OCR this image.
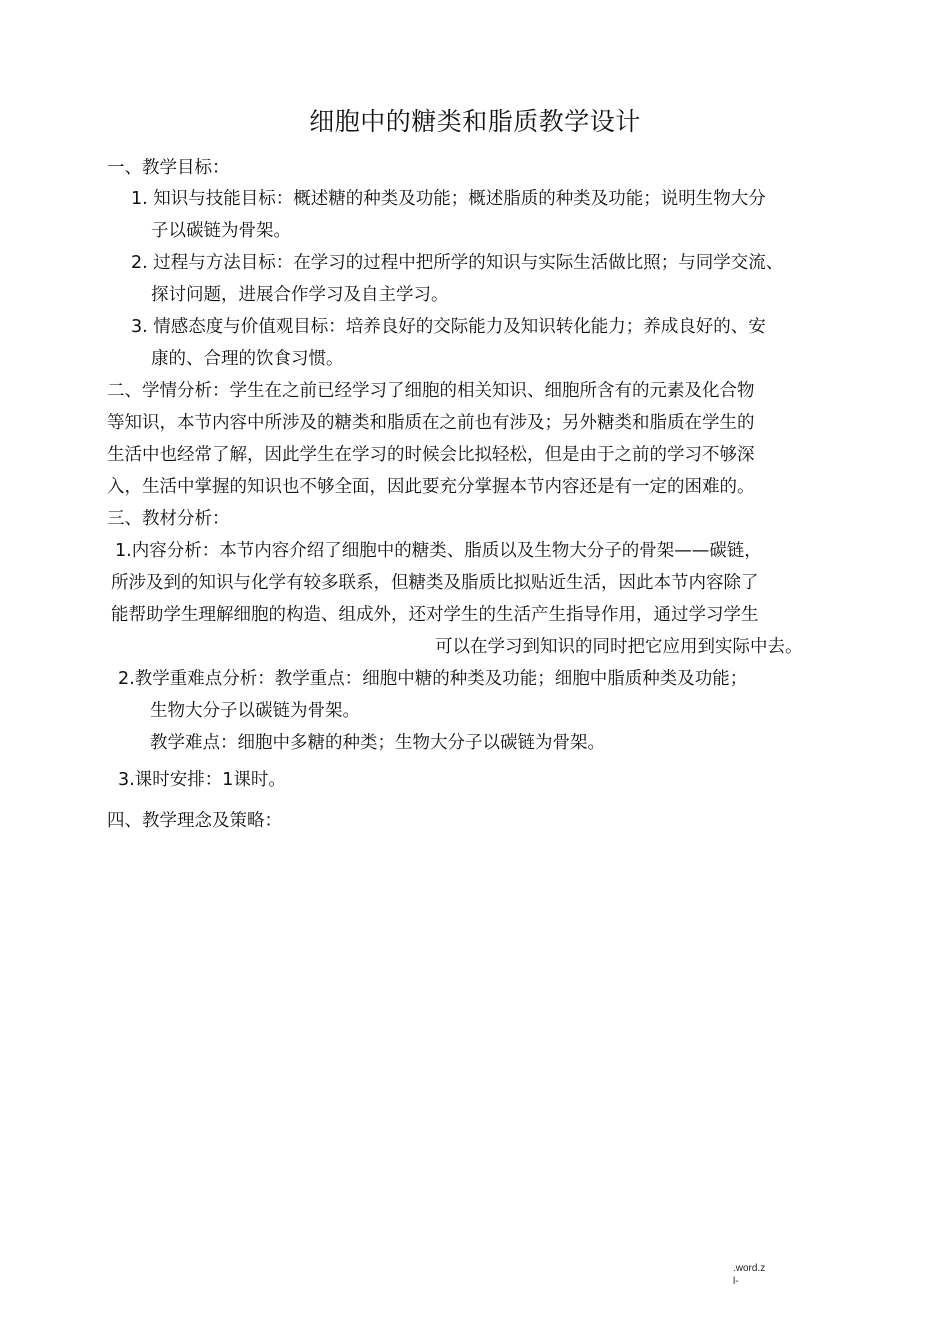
细胞中的糖类和脂质教学设计
一、教学目标：
1. 知识与技能目标：概述糖的种类及功能；概述脂质的种类及功能；说明生物大分
子以碳链为骨架。
2. 过程与方法目标：在学习的过程中把所学的知识与实际生活做比照；与同学交流、
探讨问题，进展合作学习及自主学习。
3. 情感态度与价值观目标：培养良好的交际能力及知识转化能力；养成良好的、安
康的、合理的饮食习惯。
二、学情分析：学生在之前已经学习了细胞的相关知识、细胞所含有的元素及化合物
等知识，本节内容中所涉及的糖类和脂质在之前也有涉及；另外糖类和脂质在学生的
生活中也经常了解，因此学生在学习的时候会比拟轻松，但是由于之前的学习不够深
入，生活中掌握的知识也不够全面，因此要充分掌握本节内容还是有一定的困难的。
三、教材分析：
1.内容分析：本节内容介绍了细胞中的糖类、脂质以及生物大分子的骨架——碳链，
所涉及到的知识与化学有较多联系，但糖类及脂质比拟贴近生活，因此本节内容除了
能帮助学生理解细胞的构造、组成外，还对学生的生活产生指导作用，通过学习学生
可以在学习到知识的同时把它应用到实际中去。
2.教学重难点分析：教学重点：细胞中糖的种类及功能；细胞中脂质种类及功能；
生物大分子以碳链为骨架。
教学难点：细胞中多糖的种类；生物大分子以碳链为骨架。
3.课时安排：1课时。
四、教学理念及策略：
.word.z
l-
